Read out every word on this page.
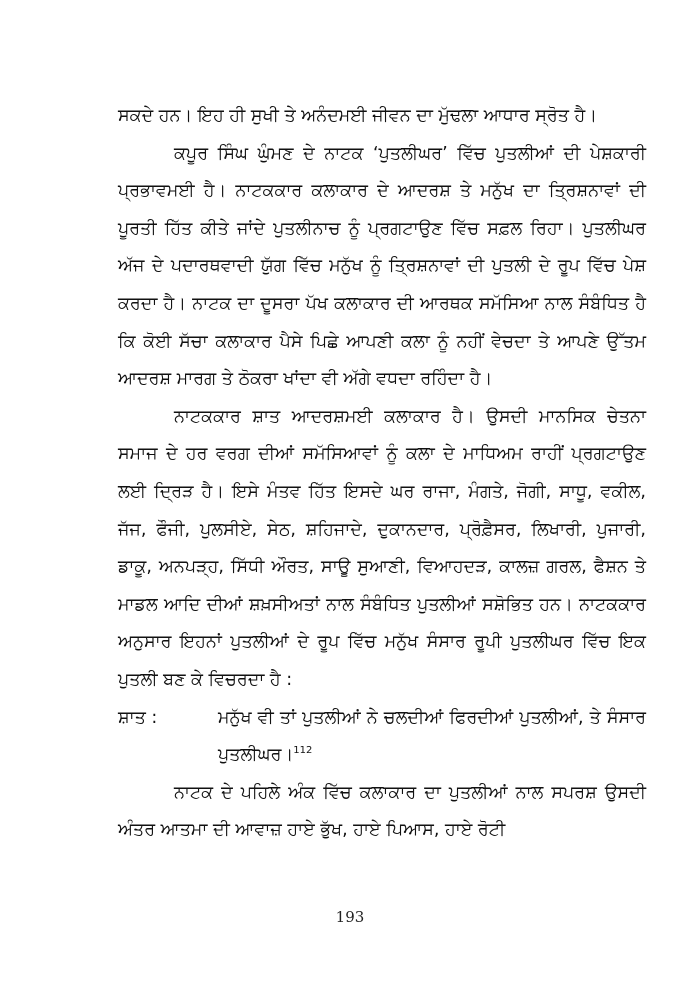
ਸਕਦੇ ਹਨ। ਇਹ ਹੀ ਸੁਖੀ ਤੇ ਅਨੰਦਮਈ ਜੀਵਨ ਦਾ ਮੁੱਢਲਾ ਆਧਾਰ ਸ੍ਰੋਤ ਹੈ।

ਕਪੂਰ ਸਿੰਘ ਘੁੰਮਣ ਦੇ ਨਾਟਕ ‘ਪੁਤਲੀਘਰ’ ਵਿੱਚ ਪੁਤਲੀਆਂ ਦੀ ਪੇਸ਼ਕਾਰੀ ਪ੍ਰਭਾਵਮਈ ਹੈ। ਨਾਟਕਕਾਰ ਕਲਾਕਾਰ ਦੇ ਆਦਰਸ਼ ਤੇ ਮਨੁੱਖ ਦਾ ਤ੍ਰਿਸ਼ਨਾਵਾਂ ਦੀ ਪੂਰਤੀ ਹਿੱਤ ਕੀਤੇ ਜਾਂਦੇ ਪੁਤਲੀਨਾਚ ਨੂੰ ਪ੍ਰਗਟਾਉਣ ਵਿੱਚ ਸਫ਼ਲ ਰਿਹਾ। ਪੁਤਲੀਘਰ ਅੱਜ ਦੇ ਪਦਾਰਥਵਾਦੀ ਯੁੱਗ ਵਿੱਚ ਮਨੁੱਖ ਨੂੰ ਤ੍ਰਿਸ਼ਨਾਵਾਂ ਦੀ ਪੁਤਲੀ ਦੇ ਰੂਪ ਵਿੱਚ ਪੇਸ਼ ਕਰਦਾ ਹੈ। ਨਾਟਕ ਦਾ ਦੂਸਰਾ ਪੱਖ ਕਲਾਕਾਰ ਦੀ ਆਰਥਕ ਸਮੱਸਿਆ ਨਾਲ ਸੰਬੰਧਿਤ ਹੈ ਕਿ ਕੋਈ ਸੱਚਾ ਕਲਾਕਾਰ ਪੈਸੇ ਪਿਛੇ ਆਪਣੀ ਕਲਾ ਨੂੰ ਨਹੀਂ ਵੇਚਦਾ ਤੇ ਆਪਣੇ ਉੱਤਮ ਆਦਰਸ਼ ਮਾਰਗ ਤੇ ਠੋਕਰਾ ਖਾਂਦਾ ਵੀ ਅੱਗੇ ਵਧਦਾ ਰਹਿੰਦਾ ਹੈ।

ਨਾਟਕਕਾਰ ਸ਼ਾਤ ਆਦਰਸ਼ਮਈ ਕਲਾਕਾਰ ਹੈ। ਉਸਦੀ ਮਾਨਸਿਕ ਚੇਤਨਾ ਸਮਾਜ ਦੇ ਹਰ ਵਰਗ ਦੀਆਂ ਸਮੱਸਿਆਵਾਂ ਨੂੰ ਕਲਾ ਦੇ ਮਾਧਿਅਮ ਰਾਹੀਂ ਪ੍ਰਗਟਾਉਣ ਲਈ ਦ੍ਰਿੜ ਹੈ। ਇਸੇ ਮੰਤਵ ਹਿੱਤ ਇਸਦੇ ਘਰ ਰਾਜਾ, ਮੰਗਤੇ, ਜੋਗੀ, ਸਾਧੂ, ਵਕੀਲ, ਜੱਜ, ਫੌਜੀ, ਪੁਲਸੀਏ, ਸੇਠ, ਸ਼ਹਿਜਾਦੇ, ਦੁਕਾਨਦਾਰ, ਪ੍ਰੋਫ਼ੈਸਰ, ਲਿਖਾਰੀ, ਪੁਜਾਰੀ, ਡਾਕੂ, ਅਨਪੜ੍ਹ, ਸਿੱਧੀ ਔਰਤ, ਸਾਊ ਸੁਆਣੀ, ਵਿਆਹਦੜ, ਕਾਲਜ਼ ਗਰਲ, ਫੈਸ਼ਨ ਤੇ ਮਾਡਲ ਆਦਿ ਦੀਆਂ ਸ਼ਖ਼ਸੀਅਤਾਂ ਨਾਲ ਸੰਬੰਧਿਤ ਪੁਤਲੀਆਂ ਸਸ਼ੋਭਿਤ ਹਨ। ਨਾਟਕਕਾਰ ਅਨੁਸਾਰ ਇਹਨਾਂ ਪੁਤਲੀਆਂ ਦੇ ਰੂਪ ਵਿੱਚ ਮਨੁੱਖ ਸੰਸਾਰ ਰੂਪੀ ਪੁਤਲੀਘਰ ਵਿੱਚ ਇਕ ਪੁਤਲੀ ਬਣ ਕੇ ਵਿਚਰਦਾ ਹੈ :

ਸ਼ਾਤ :	ਮਨੁੱਖ ਵੀ ਤਾਂ ਪੁਤਲੀਆਂ ਨੇ ਚਲਦੀਆਂ ਫਿਰਦੀਆਂ ਪੁਤਲੀਆਂ, ਤੇ ਸੰਸਾਰ ਪੁਤਲੀਘਰ।$^{112}$

ਨਾਟਕ ਦੇ ਪਹਿਲੇ ਅੰਕ ਵਿੱਚ ਕਲਾਕਾਰ ਦਾ ਪੁਤਲੀਆਂ ਨਾਲ ਸਪਰਸ਼ ਉਸਦੀ ਅੰਤਰ ਆਤਮਾ ਦੀ ਆਵਾਜ਼ ਹਾਏ ਭੁੱਖ, ਹਾਏ ਪਿਆਸ, ਹਾਏ ਰੋਟੀ

193
